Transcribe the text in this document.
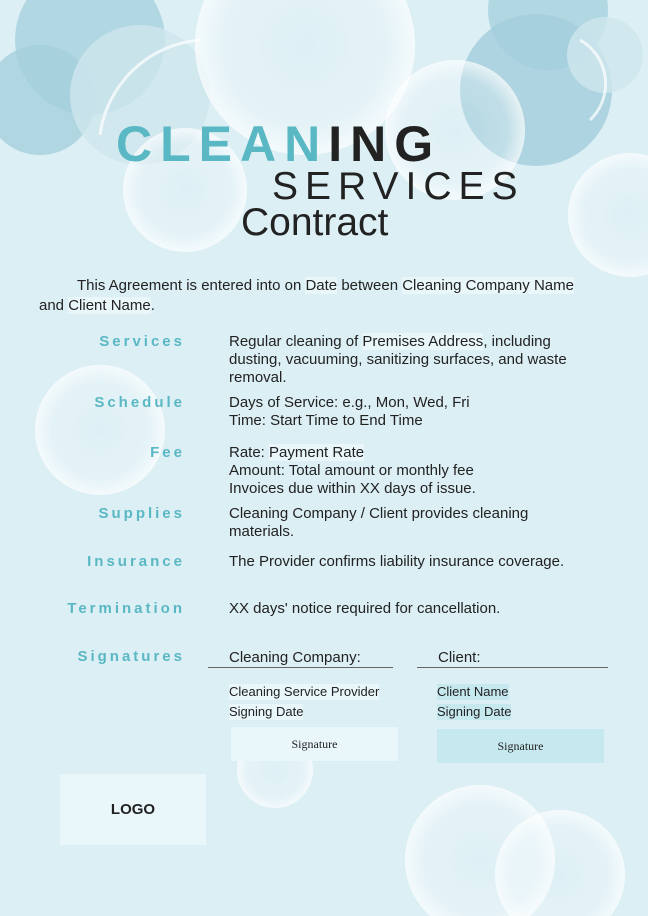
CLEANING
SERVICES
Contract
This Agreement is entered into on Date between Cleaning Company Name and Client Name.
Services	Regular cleaning of Premises Address, including dusting, vacuuming, sanitizing surfaces, and waste removal.
Schedule	Days of Service: e.g., Mon, Wed, Fri
Time: Start Time to End Time
Fee	Rate: Payment Rate
Amount: Total amount or monthly fee
Invoices due within XX days of issue.
Supplies	Cleaning Company / Client provides cleaning materials.
Insurance	The Provider confirms liability insurance coverage.
Termination	XX days' notice required for cancellation.
Signatures	Cleaning Company:
Cleaning Service Provider
Signing Date
Signature
Client:
Client Name
Signing Date
Signature
LOGO
